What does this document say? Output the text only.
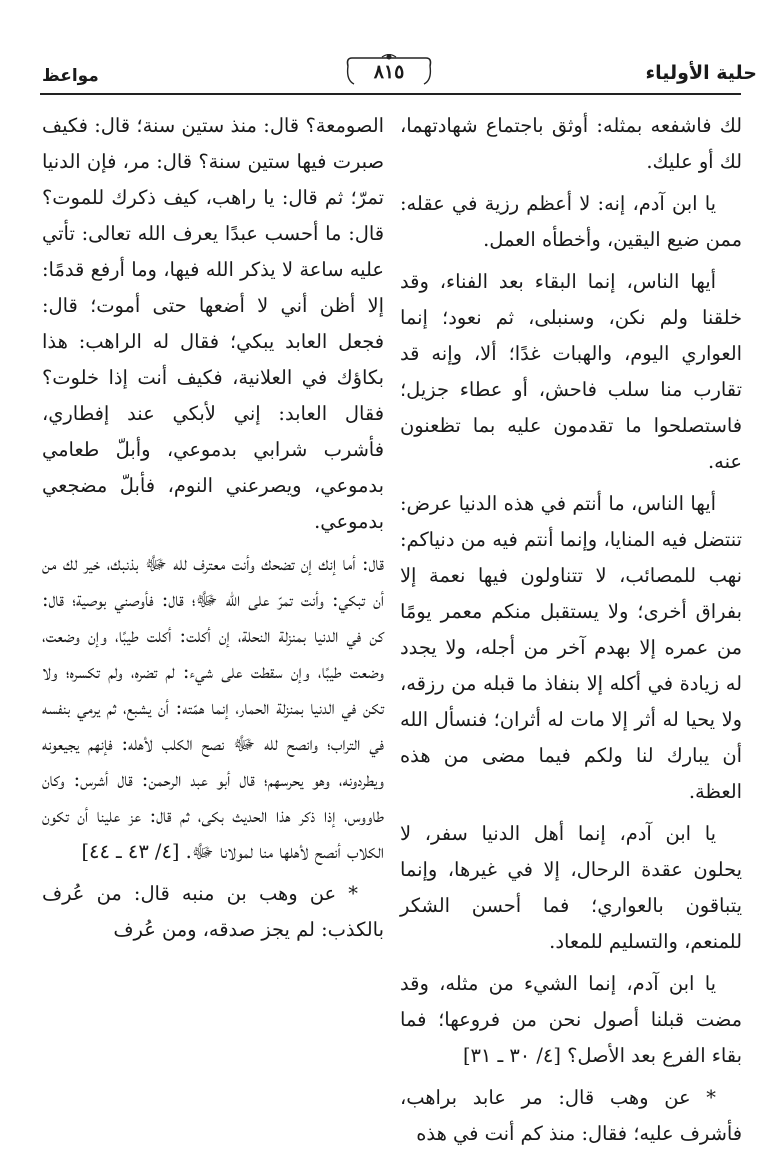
حلية الأولياء
٨١٥
مواعظ

لك فاشفعه بمثله: أوثق باجتماع شهادتهما، لك أو عليك.

يا ابن آدم، إنه: لا أعظم رزية في عقله: ممن ضيع اليقين، وأخطأه العمل.

أيها الناس، إنما البقاء بعد الفناء، وقد خلقنا ولم نكن، وسنبلى، ثم نعود؛ إنما العواري اليوم، والهبات غدًا؛ ألا، وإنه قد تقارب منا سلب فاحش، أو عطاء جزيل؛ فاستصلحوا ما تقدمون عليه بما تظعنون عنه.

أيها الناس، ما أنتم في هذه الدنيا عرض: تنتضل فيه المنايا، وإنما أنتم فيه من دنياكم: نهب للمصائب، لا تتناولون فيها نعمة إلا بفراق أخرى؛ ولا يستقبل منكم معمر يومًا من عمره إلا بهدم آخر من أجله، ولا يجدد له زيادة في أكله إلا بنفاذ ما قبله من رزقه، ولا يحيا له أثر إلا مات له أثران؛ فنسأل الله أن يبارك لنا ولكم فيما مضى من هذه العظة.

يا ابن آدم، إنما أهل الدنيا سفر، لا يحلون عقدة الرحال، إلا في غيرها، وإنما يتباقون بالعواري؛ فما أحسن الشكر للمنعم، والتسليم للمعاد.

يا ابن آدم، إنما الشيء من مثله، وقد مضت قبلنا أصول نحن من فروعها؛ فما بقاء الفرع بعد الأصل؟ [٤/ ٣٠ ـ ٣١]

* عن وهب قال: مر عابد براهب، فأشرف عليه؛ فقال: منذ كم أنت في هذه

الصومعة؟ قال: منذ ستين سنة؛ قال: فكيف صبرت فيها ستين سنة؟ قال: مر، فإن الدنيا تمرّ؛ ثم قال: يا راهب، كيف ذكرك للموت؟ قال: ما أحسب عبدًا يعرف الله تعالى: تأتي عليه ساعة لا يذكر الله فيها، وما أرفع قدمًا: إلا أظن أني لا أضعها حتى أموت؛ قال: فجعل العابد يبكي؛ فقال له الراهب: هذا بكاؤك في العلانية، فكيف أنت إذا خلوت؟ فقال العابد: إني لأبكي عند إفطاري، فأشرب شرابي بدموعي، وأبلّ طعامي بدموعي، ويصرعني النوم، فأبلّ مضجعي بدموعي.

قال: أما إنك إن تضحك وأنت معترف لله ﷻ بذنبك، خير لك من أن تبكي: وأنت تمرّ على الله ﷻ؛ قال: فأوصني بوصية؛ قال: كن في الدنيا بمنزلة النحلة، إن أكلت: أكلت طيبًا، وإن وضعت، وضعت طيبًا، وإن سقطت على شيء: لم تضره، ولم تكسره؛ ولا تكن في الدنيا بمنزلة الحمار، إنما همّته: أن يشبع، ثم يرمي بنفسه في التراب؛ وانصح لله ﷻ نصح الكلب لأهله: فإنهم يجيعونه ويطردونه، وهو يحرسهم؛ قال أبو عبد الرحمن: قال أشرس: وكان طاووس، إذا ذكر هذا الحديث بكى، ثم قال: عز علينا أن تكون الكلاب أنصح لأهلها منا لمولانا ﷻ. [٤/ ٤٣ ـ ٤٤]

* عن وهب بن منبه قال: من عُرف بالكذب: لم يجز صدقه، ومن عُرف
